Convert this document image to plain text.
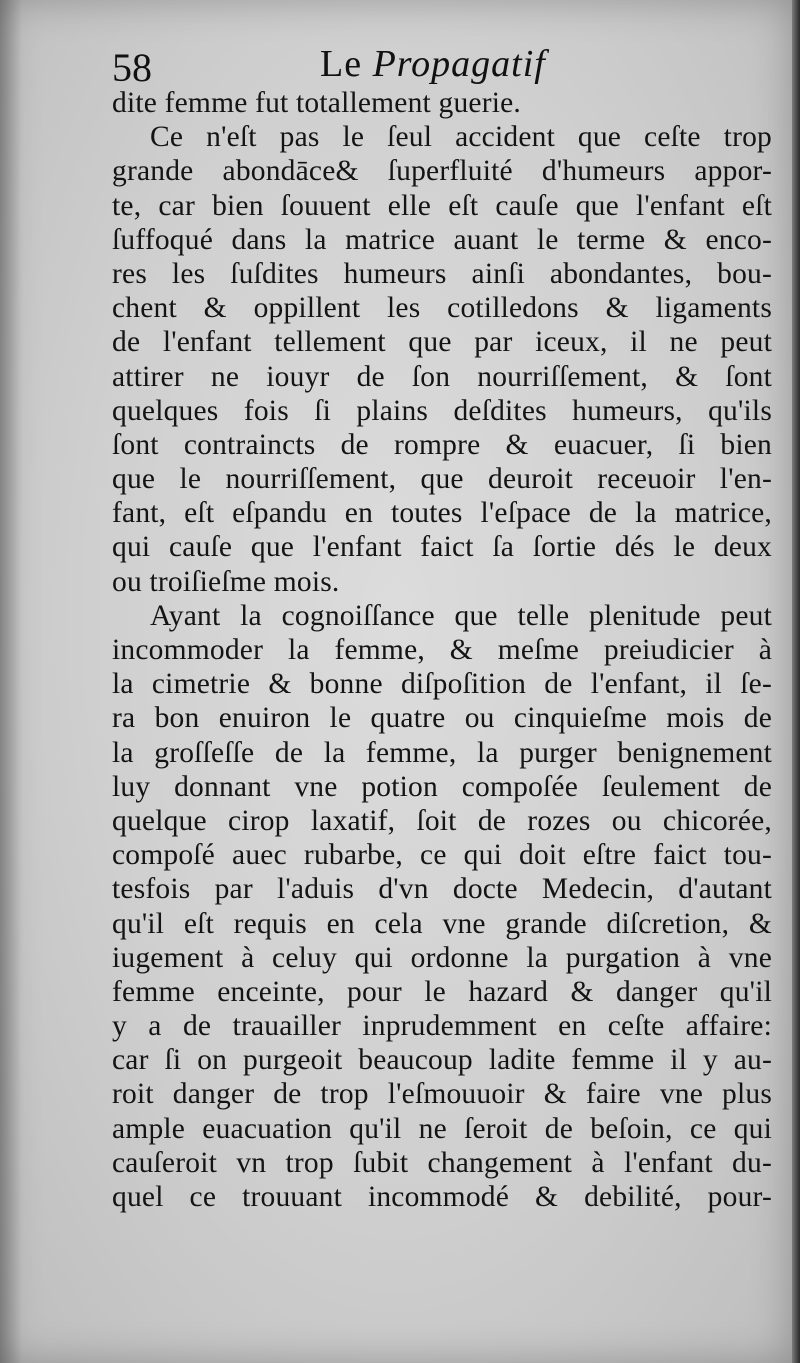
58	Le Propagatif
dite femme fut totallement guerie.
Ce n'eſt pas le ſeul accident que ceſte trop
grande abondāce& ſuperfluité d'humeurs appor-
te, car bien ſouuent elle eſt cauſe que l'enfant eſt
ſuffoqué dans la matrice auant le terme & enco-
res les ſuſdites humeurs ainſi abondantes, bou-
chent & oppillent les cotilledons & ligaments
de l'enfant tellement que par iceux, il ne peut
attirer ne iouyr de ſon nourriſſement, & ſont
quelques fois ſi plains deſdites humeurs, qu'ils
ſont contraincts de rompre & euacuer, ſi bien
que le nourriſſement, que deuroit receuoir l'en-
fant, eſt eſpandu en toutes l'eſpace de la matrice,
qui cauſe que l'enfant faict ſa ſortie dés le deux
ou troiſieſme mois.
Ayant la cognoiſſance que telle plenitude peut
incommoder la femme, & meſme preiudicier à
la cimetrie & bonne diſpoſition de l'enfant, il ſe-
ra bon enuiron le quatre ou cinquieſme mois de
la groſſeſſe de la femme, la purger benignement
luy donnant vne potion compoſée ſeulement de
quelque cirop laxatif, ſoit de rozes ou chicorée,
compoſé auec rubarbe, ce qui doit eſtre faict tou-
tesfois par l'aduis d'vn docte Medecin, d'autant
qu'il eſt requis en cela vne grande diſcretion, &
iugement à celuy qui ordonne la purgation à vne
femme enceinte, pour le hazard & danger qu'il
y a de trauailler inprudemment en ceſte affaire:
car ſi on purgeoit beaucoup ladite femme il y au-
roit danger de trop l'eſmouuoir & faire vne plus
ample euacuation qu'il ne ſeroit de beſoin, ce qui
cauſeroit vn trop ſubit changement à l'enfant du-
quel ce trouuant incommodé & debilité, pour-
